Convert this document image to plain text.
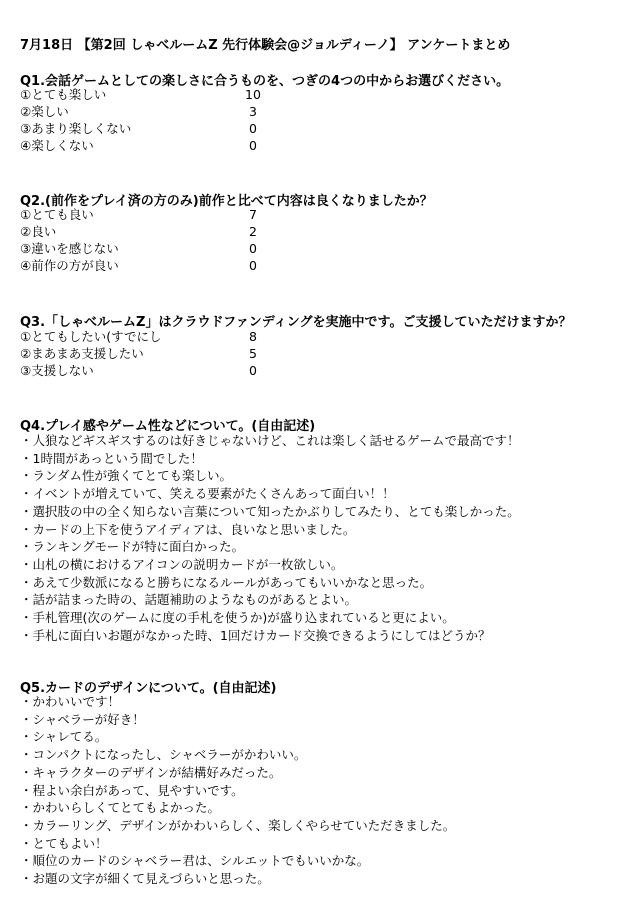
7月18日 【第2回 しゃべルームZ 先行体験会@ジョルディーノ】 アンケートまとめ
Q1.会話ゲームとしての楽しさに合うものを、つぎの4つの中からお選びください。
①とても楽しい	10
②楽しい	3
③あまり楽しくない	0
④楽しくない	0
Q2.(前作をプレイ済の方のみ)前作と比べて内容は良くなりましたか？
①とても良い	7
②良い	2
③違いを感じない	0
④前作の方が良い	0
Q3.「しゃべルームZ」はクラウドファンディングを実施中です。ご支援していただけますか？
①とてもしたい(すでにし	8
②まあまあ支援したい	5
③支援しない	0
Q4.プレイ感やゲーム性などについて。(自由記述)
・人狼などギスギスするのは好きじゃないけど、これは楽しく話せるゲームで最高です！
・1時間があっという間でした！
・ランダム性が強くてとても楽しい。
・イベントが増えていて、笑える要素がたくさんあって面白い！！
・選択肢の中の全く知らない言葉について知ったかぶりしてみたり、とても楽しかった。
・カードの上下を使うアイディアは、良いなと思いました。
・ランキングモードが特に面白かった。
・山札の横におけるアイコンの説明カードが一枚欲しい。
・あえて少数派になると勝ちになるルールがあってもいいかなと思った。
・話が詰まった時の、話題補助のようなものがあるとよい。
・手札管理(次のゲームに度の手札を使うか)が盛り込まれていると更によい。
・手札に面白いお題がなかった時、1回だけカード交換できるようにしてはどうか？
Q5.カードのデザインについて。(自由記述)
・かわいいです！
・シャベラーが好き！
・シャレてる。
・コンパクトになったし、シャベラーがかわいい。
・キャラクターのデザインが結構好みだった。
・程よい余白があって、見やすいです。
・かわいらしくてとてもよかった。
・カラーリング、デザインがかわいらしく、楽しくやらせていただきました。
・とてもよい！
・順位のカードのシャベラー君は、シルエットでもいいかな。
・お題の文字が細くて見えづらいと思った。
